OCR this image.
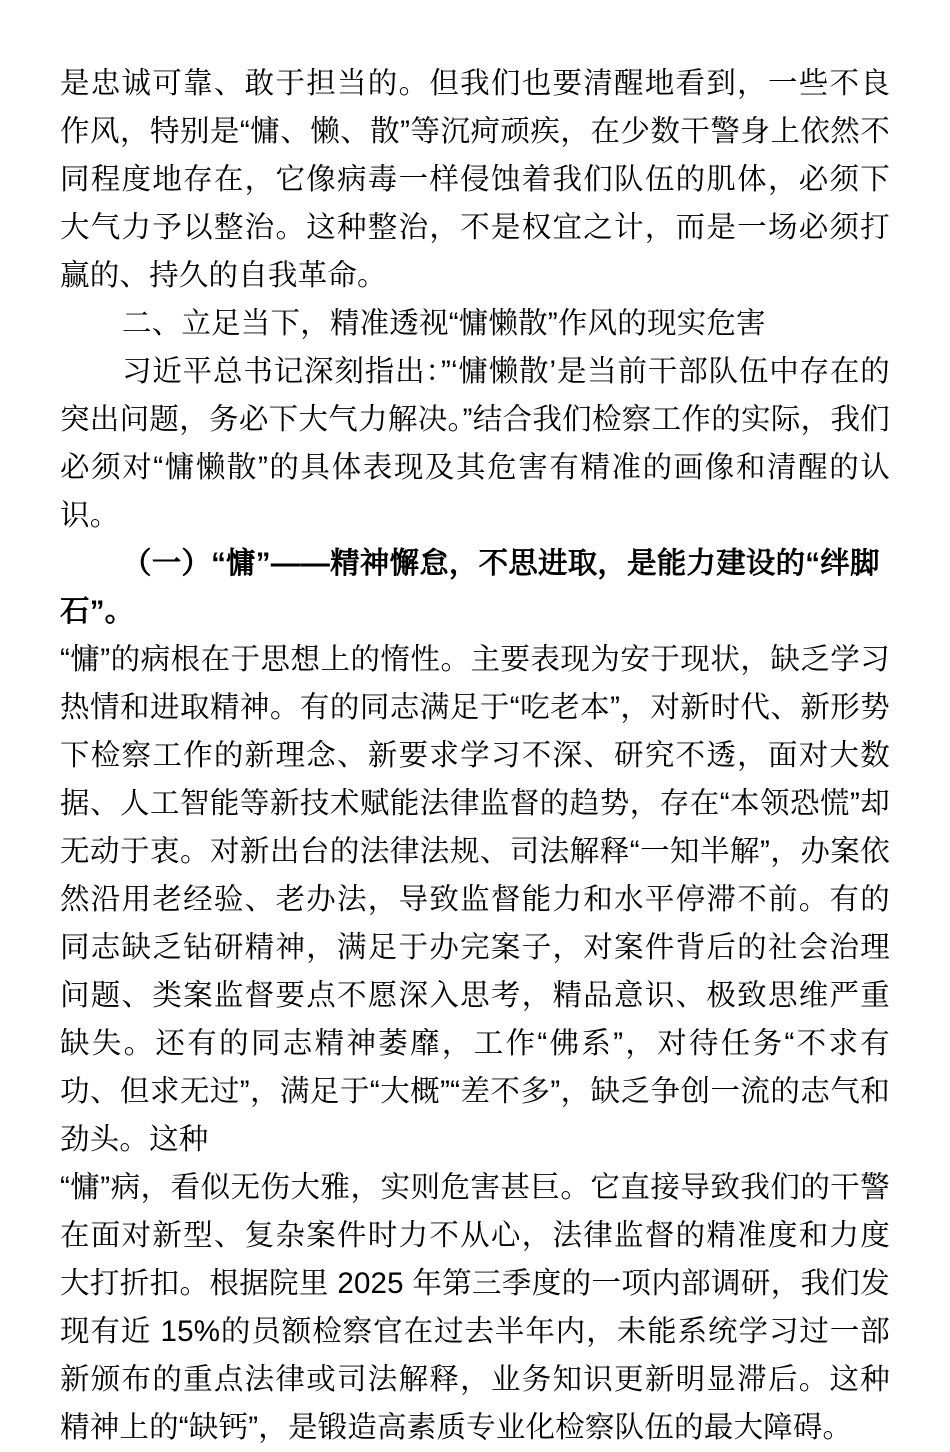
是忠诚可靠、敢于担当的。但我们也要清醒地看到，一些不良作风，特别是“慵、懒、散”等沉疴顽疾，在少数干警身上依然不同程度地存在，它像病毒一样侵蚀着我们队伍的肌体，必须下大气力予以整治。这种整治，不是权宜之计，而是一场必须打赢的、持久的自我革命。

二、立足当下，精准透视“慵懒散”作风的现实危害

习近平总书记深刻指出：”‘慵懒散’是当前干部队伍中存在的突出问题，务必下大气力解决。”结合我们检察工作的实际，我们必须对“慵懒散”的具体表现及其危害有精准的画像和清醒的认识。

（一）“慵”——精神懈怠，不思进取，是能力建设的“绊脚石”。

“慵”的病根在于思想上的惰性。主要表现为安于现状，缺乏学习热情和进取精神。有的同志满足于“吃老本”，对新时代、新形势下检察工作的新理念、新要求学习不深、研究不透，面对大数据、人工智能等新技术赋能法律监督的趋势，存在“本领恐慌”却无动于衷。对新出台的法律法规、司法解释“一知半解”，办案依然沿用老经验、老办法，导致监督能力和水平停滞不前。有的同志缺乏钻研精神，满足于办完案子，对案件背后的社会治理问题、类案监督要点不愿深入思考，精品意识、极致思维严重缺失。还有的同志精神萎靡，工作“佛系”，对待任务“不求有功、但求无过”，满足于“大概”“差不多”，缺乏争创一流的志气和劲头。这种

“慵”病，看似无伤大雅，实则危害甚巨。它直接导致我们的干警在面对新型、复杂案件时力不从心，法律监督的精准度和力度大打折扣。根据院里 2025 年第三季度的一项内部调研，我们发现有近 15%的员额检察官在过去半年内，未能系统学习过一部新颁布的重点法律或司法解释，业务知识更新明显滞后。这种精神上的“缺钙”，是锻造高素质专业化检察队伍的最大障碍。
